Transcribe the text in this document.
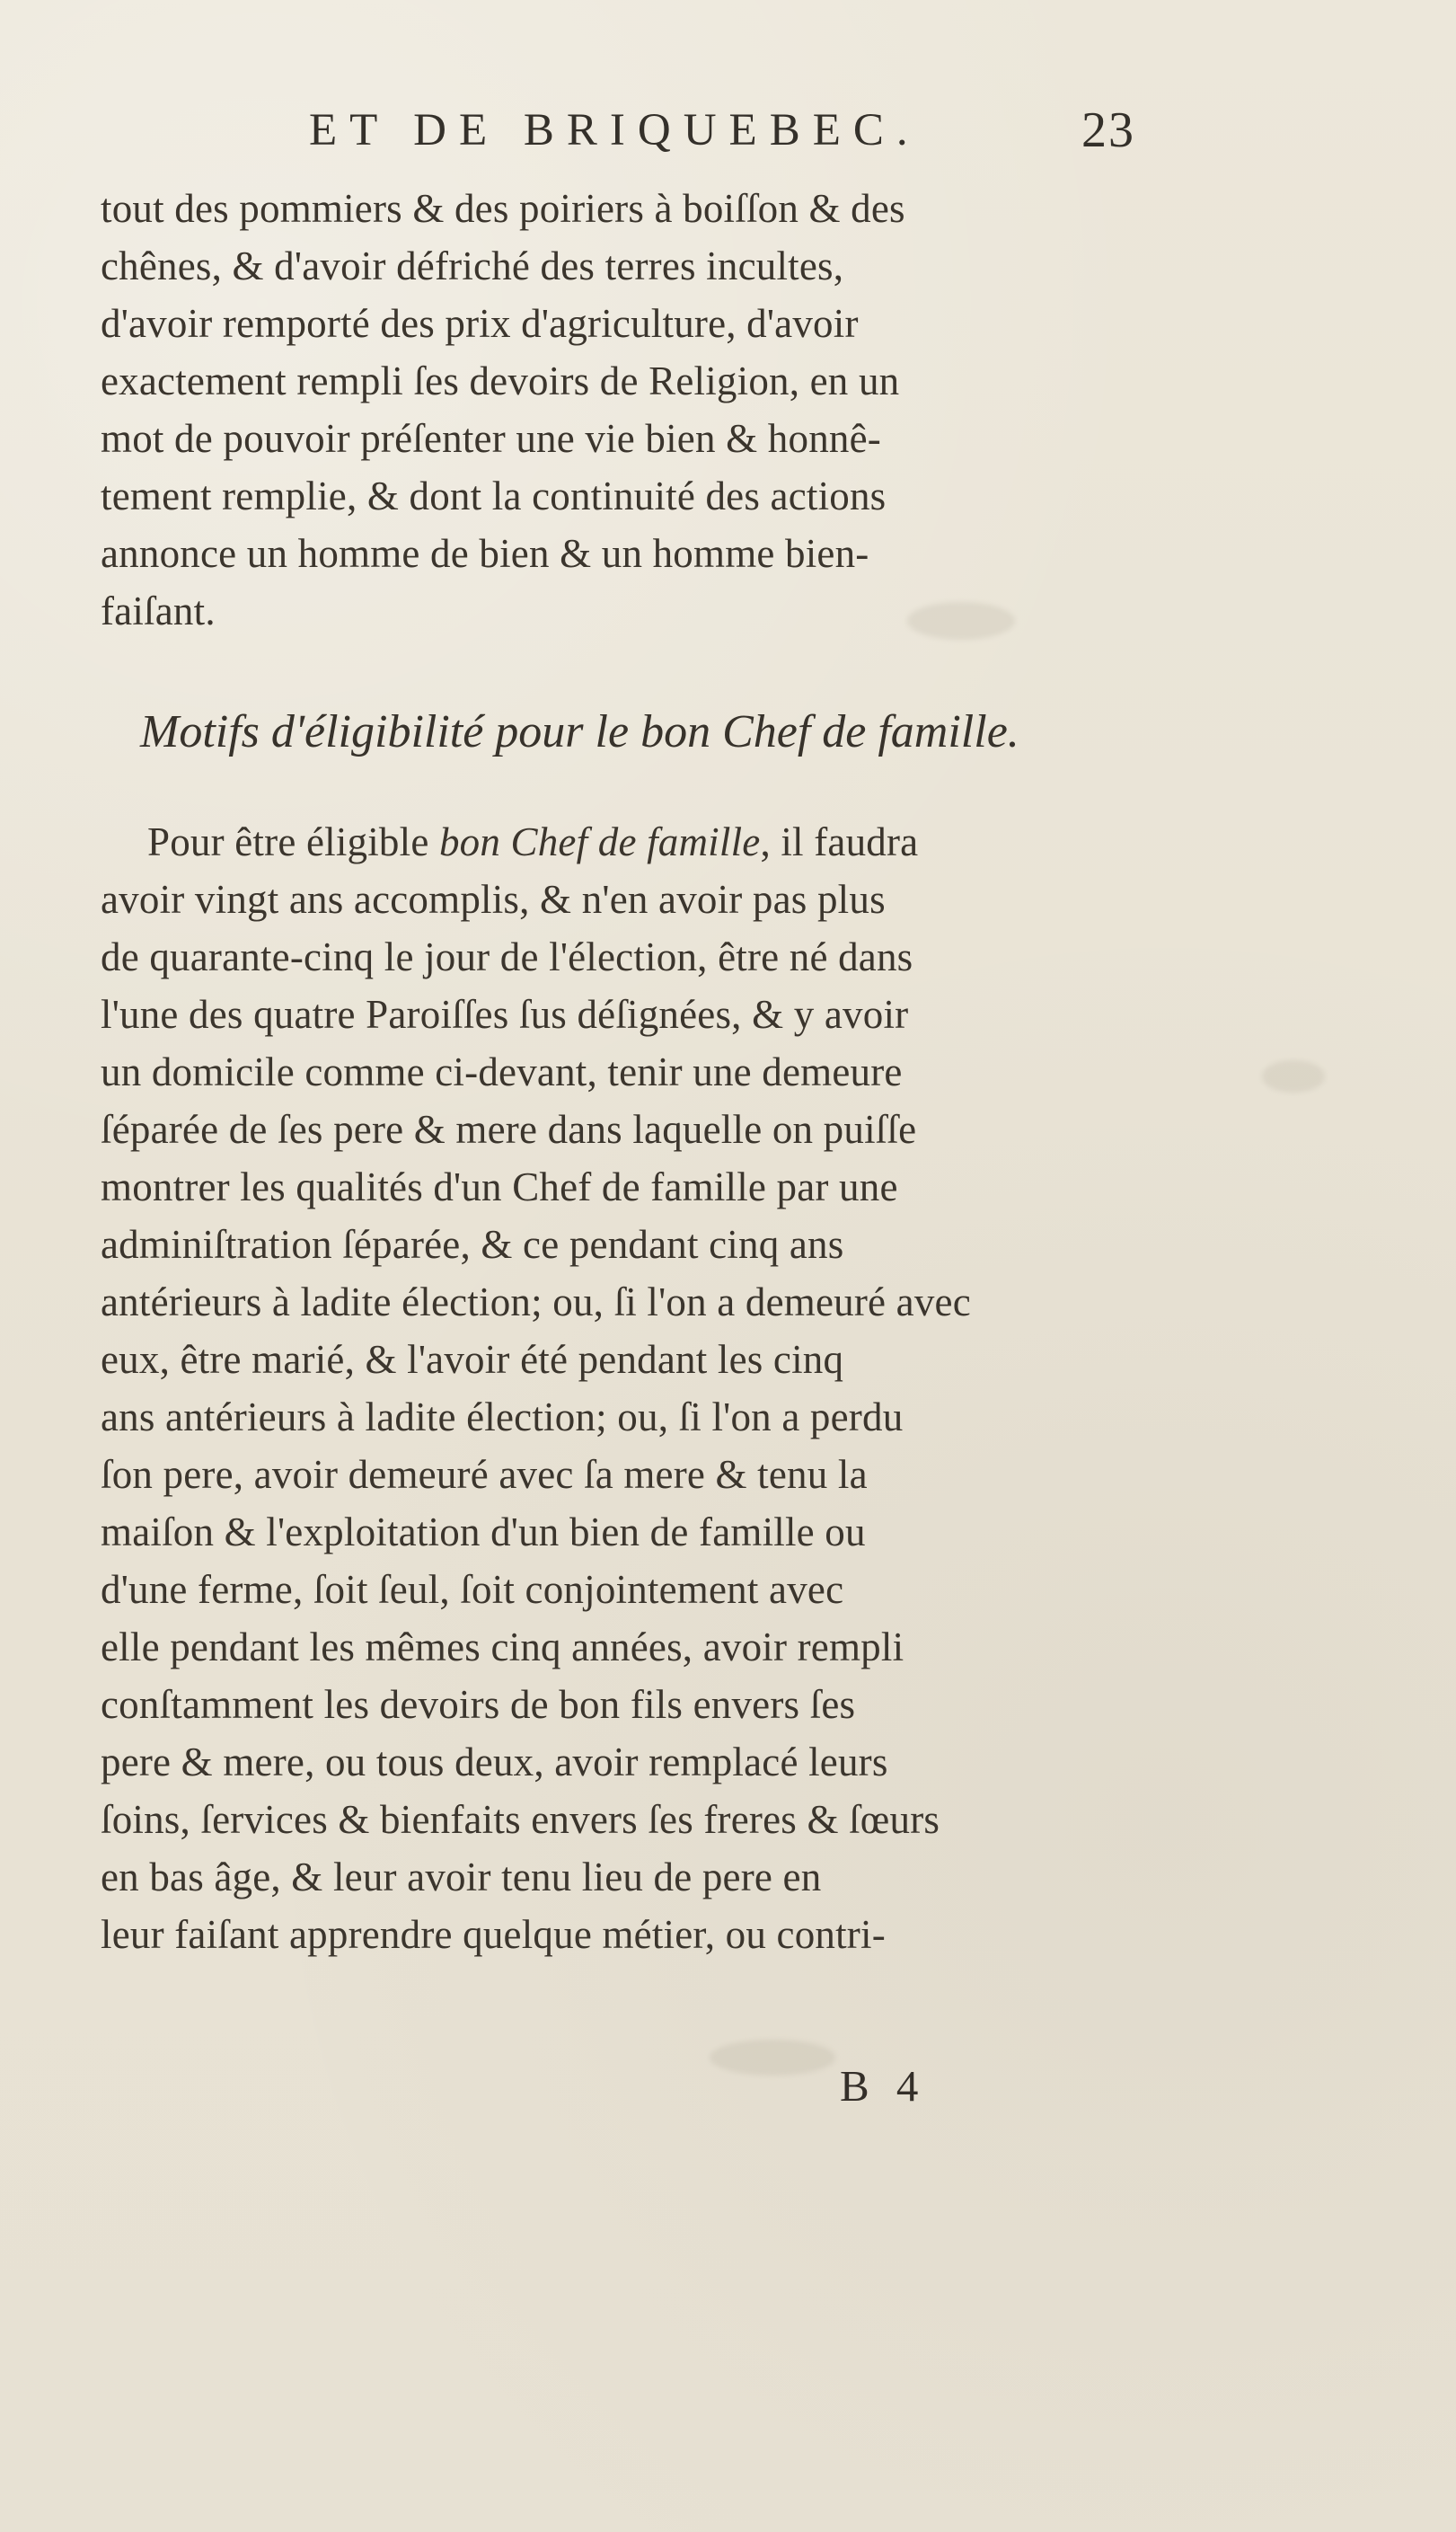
ET DE BRIQUEBEC.	23
tout des pommiers & des poiriers à boiſſon & des
chênes, & d'avoir défriché des terres incultes,
d'avoir remporté des prix d'agriculture, d'avoir
exactement rempli ſes devoirs de Religion, en un
mot de pouvoir préſenter une vie bien & honnê-
tement remplie, & dont la continuité des actions
annonce un homme de bien & un homme bien-
faiſant.
Motifs d'éligibilité pour le bon Chef de famille.
Pour être éligible bon Chef de famille, il faudra
avoir vingt ans accomplis, & n'en avoir pas plus
de quarante-cinq le jour de l'élection, être né dans
l'une des quatre Paroiſſes ſus déſignées, & y avoir
un domicile comme ci-devant, tenir une demeure
ſéparée de ſes pere & mere dans laquelle on puiſſe
montrer les qualités d'un Chef de famille par une
adminiſtration ſéparée, & ce pendant cinq ans
antérieurs à ladite élection; ou, ſi l'on a demeuré avec
eux, être marié, & l'avoir été pendant les cinq
ans antérieurs à ladite élection; ou, ſi l'on a perdu
ſon pere, avoir demeuré avec ſa mere & tenu la
maiſon & l'exploitation d'un bien de famille ou
d'une ferme, ſoit ſeul, ſoit conjointement avec
elle pendant les mêmes cinq années, avoir rempli
conſtamment les devoirs de bon fils envers ſes
pere & mere, ou tous deux, avoir remplacé leurs
ſoins, ſervices & bienfaits envers ſes freres & ſœurs
en bas âge, & leur avoir tenu lieu de pere en
leur faiſant apprendre quelque métier, ou contri-
B 4
